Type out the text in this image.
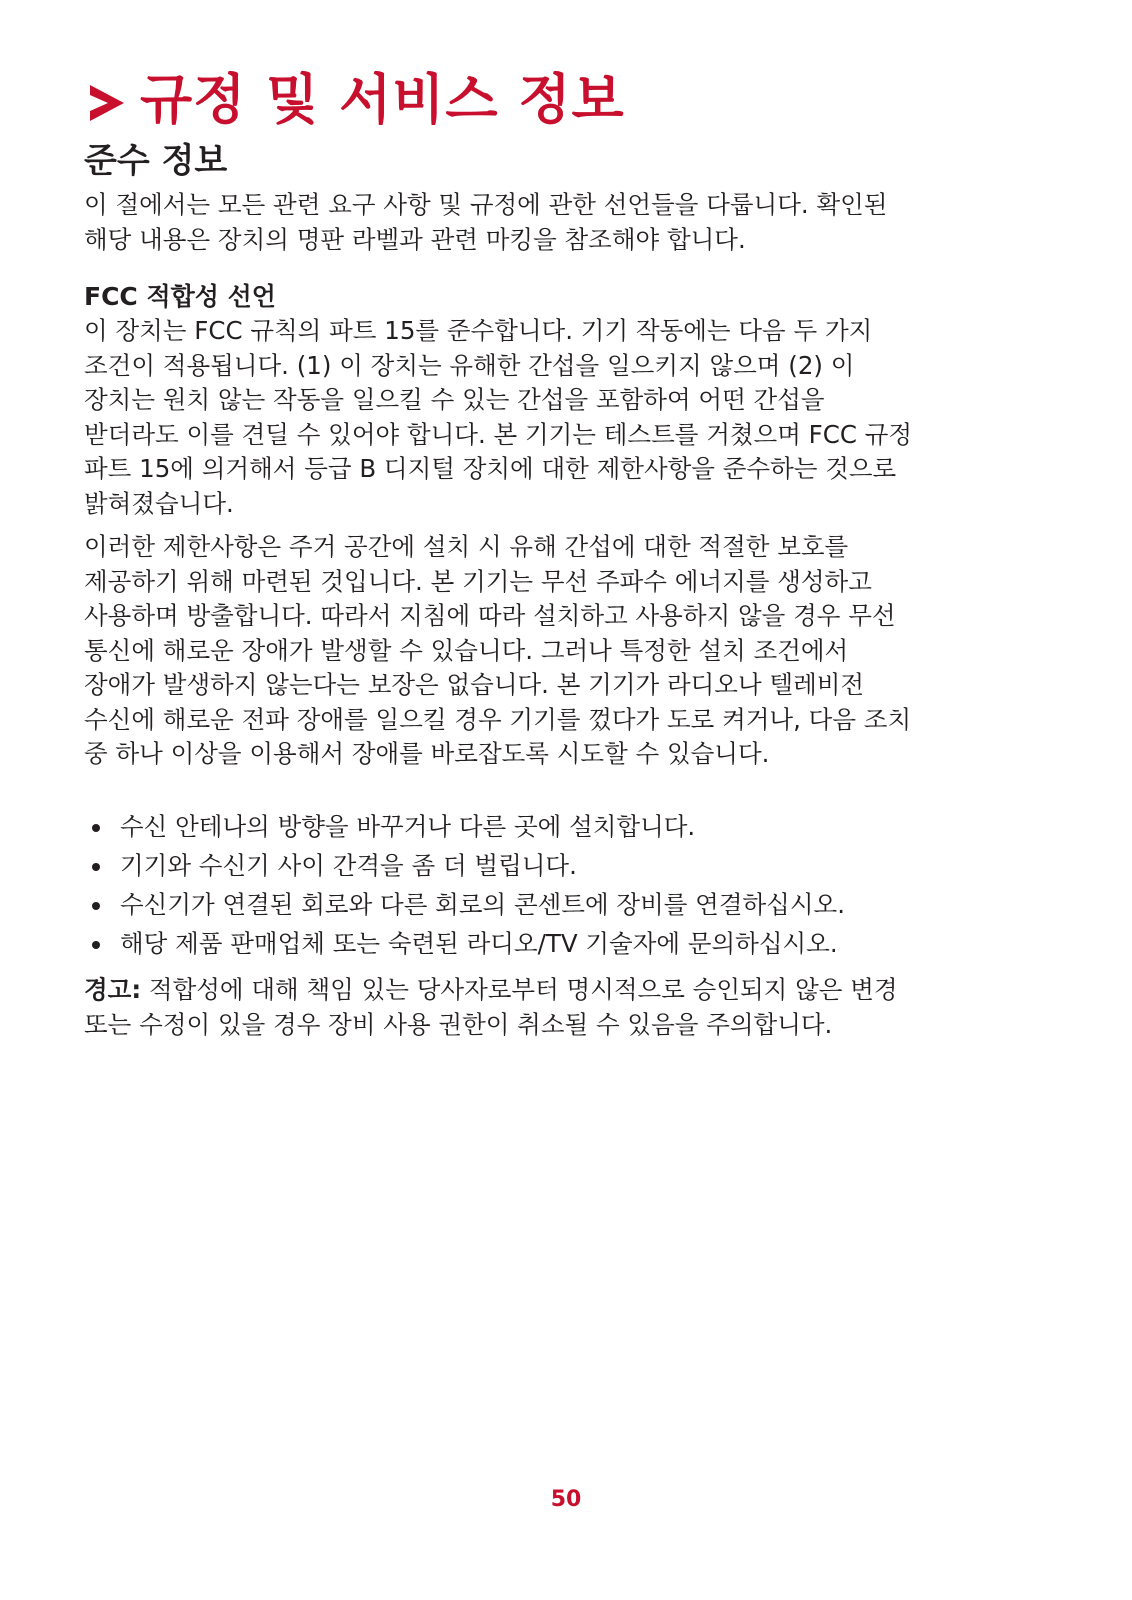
규정 및 서비스 정보
준수 정보
이 절에서는 모든 관련 요구 사항 및 규정에 관한 선언들을 다룹니다. 확인된
해당 내용은 장치의 명판 라벨과 관련 마킹을 참조해야 합니다.
FCC 적합성 선언
이 장치는 FCC 규칙의 파트 15를 준수합니다. 기기 작동에는 다음 두 가지
조건이 적용됩니다. (1) 이 장치는 유해한 간섭을 일으키지 않으며 (2) 이
장치는 원치 않는 작동을 일으킬 수 있는 간섭을 포함하여 어떤 간섭을
받더라도 이를 견딜 수 있어야 합니다. 본 기기는 테스트를 거쳤으며 FCC 규정
파트 15에 의거해서 등급 B 디지털 장치에 대한 제한사항을 준수하는 것으로
밝혀졌습니다.
이러한 제한사항은 주거 공간에 설치 시 유해 간섭에 대한 적절한 보호를
제공하기 위해 마련된 것입니다. 본 기기는 무선 주파수 에너지를 생성하고
사용하며 방출합니다. 따라서 지침에 따라 설치하고 사용하지 않을 경우 무선
통신에 해로운 장애가 발생할 수 있습니다. 그러나 특정한 설치 조건에서
장애가 발생하지 않는다는 보장은 없습니다. 본 기기가 라디오나 텔레비전
수신에 해로운 전파 장애를 일으킬 경우 기기를 껐다가 도로 켜거나, 다음 조치
중 하나 이상을 이용해서 장애를 바로잡도록 시도할 수 있습니다.
수신 안테나의 방향을 바꾸거나 다른 곳에 설치합니다.
기기와 수신기 사이 간격을 좀 더 벌립니다.
수신기가 연결된 회로와 다른 회로의 콘센트에 장비를 연결하십시오.
해당 제품 판매업체 또는 숙련된 라디오/TV 기술자에 문의하십시오.
경고: 적합성에 대해 책임 있는 당사자로부터 명시적으로 승인되지 않은 변경
또는 수정이 있을 경우 장비 사용 권한이 취소될 수 있음을 주의합니다.
50
